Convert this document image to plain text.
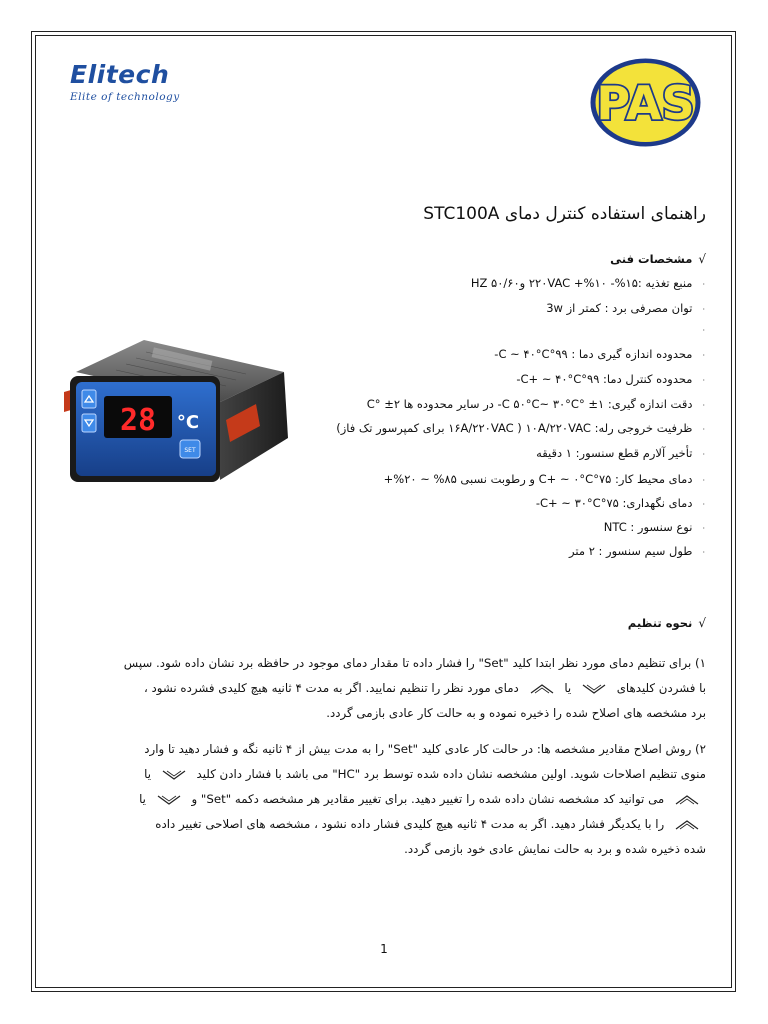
Elitech
Elite of technology	PAS
راهنمای استفاده کنترل دمای STC100A
√مشخصات فنی
·منبع تغذیه :۱۵%- ۱۰%+ ۲۲۰VAC و۵۰/۶۰ HZ
·توان مصرفی برد : کمتر از 3w
·
·محدوده اندازه گیری دما : ۹۹°C ~ ۴۰°C-
·محدوده کنترل دما: ۹۹°C+ ~ ۴۰°C-
·دقت اندازه گیری: ۱± °C ۵۰°C~ ۳۰°C- در سایر محدوده ها ۲± °C
·ظرفیت خروجی رله: ۱۰A/۲۲۰VAC ( ۱۶A/۲۲۰VAC برای کمپرسور تک فاز)
·تأخیر آلارم قطع سنسور: ۱ دقیقه
·دمای محیط کار: ۷۵°C+ ~ ۰°C و رطوبت نسبی ۸۵% ~ ۲۰%+
·دمای نگهداری: ۷۵°C+ ~ ۳۰°C-
·نوع سنسور : NTC
·طول سیم سنسور : ۲ متر
28 °C
SET
√نحوه تنظیم
۱) برای تنظیم دمای مورد نظر ابتدا کلید "Set" را فشار داده تا مقدار دمای موجود در حافظه برد نشان داده شود. سپس
با فشردن کلیدهای  یا  دمای مورد نظر را تنظیم نمایید. اگر به مدت ۴ ثانیه هیچ کلیدی فشرده نشود ،
برد مشخصه های اصلاح شده را ذخیره نموده و به حالت کار عادی بازمی گردد.
۲) روش اصلاح مقادیر مشخصه ها: در حالت کار عادی کلید "Set" را به مدت بیش از ۴ ثانیه نگه و فشار دهید تا وارد
منوی تنظیم اصلاحات شوید. اولین مشخصه نشان داده شده توسط برد "HC" می باشد با فشار دادن کلید  یا
می توانید کد مشخصه نشان داده شده را تغییر دهید. برای تغییر مقادیر هر مشخصه دکمه "Set" و  یا
را با یکدیگر فشار دهید. اگر به مدت ۴ ثانیه هیچ کلیدی فشار داده نشود ، مشخصه های اصلاحی تغییر داده
شده ذخیره شده و برد به حالت نمایش عادی خود بازمی گردد.
1
